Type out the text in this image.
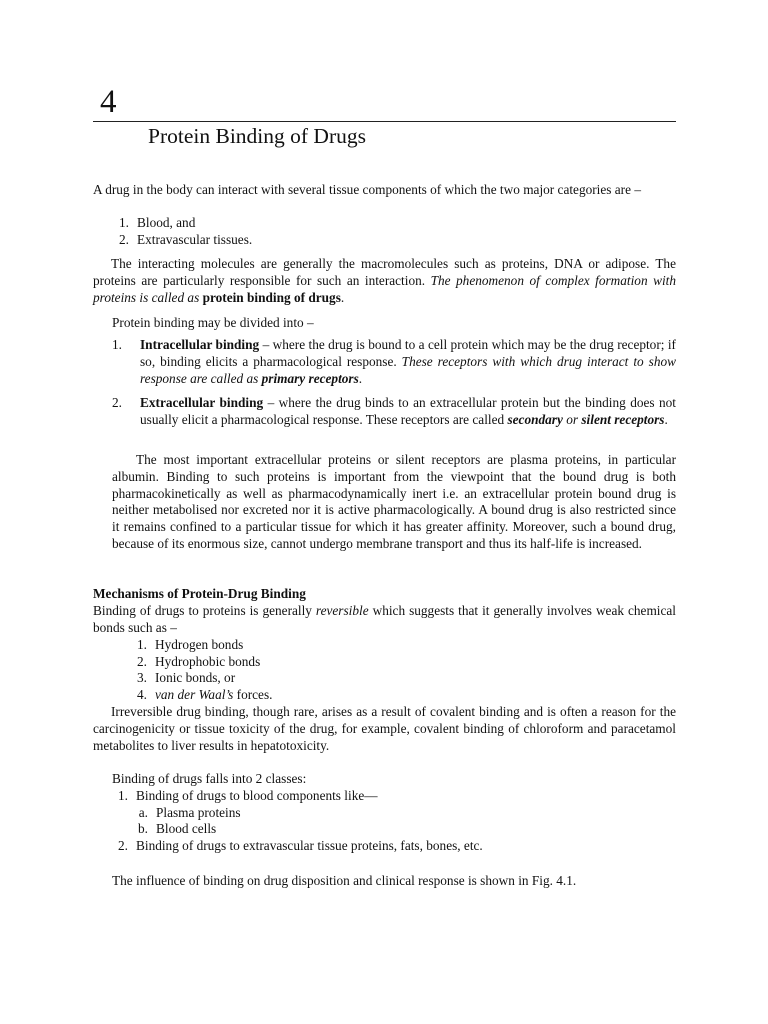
4
Protein Binding of Drugs

A drug in the body can interact with several tissue components of which the two major categories are –

1. Blood, and
2. Extravascular tissues.

The interacting molecules are generally the macromolecules such as proteins, DNA or adipose. The proteins are particularly responsible for such an interaction. The phenomenon of complex formation with proteins is called as protein binding of drugs.

Protein binding may be divided into –

1. Intracellular binding – where the drug is bound to a cell protein which may be the drug receptor; if so, binding elicits a pharmacological response. These receptors with which drug interact to show response are called as primary receptors.

2. Extracellular binding – where the drug binds to an extracellular protein but the binding does not usually elicit a pharmacological response. These receptors are called secondary or silent receptors.

The most important extracellular proteins or silent receptors are plasma proteins, in particular albumin. Binding to such proteins is important from the viewpoint that the bound drug is both pharmacokinetically as well as pharmacodynamically inert i.e. an extracellular protein bound drug is neither metabolised nor excreted nor it is active pharmacologically. A bound drug is also restricted since it remains confined to a particular tissue for which it has greater affinity. Moreover, such a bound drug, because of its enormous size, cannot undergo membrane transport and thus its half-life is increased.

Mechanisms of Protein-Drug Binding

Binding of drugs to proteins is generally reversible which suggests that it generally involves weak chemical bonds such as –

1. Hydrogen bonds
2. Hydrophobic bonds
3. Ionic bonds, or
4. van der Waal’s forces.

Irreversible drug binding, though rare, arises as a result of covalent binding and is often a reason for the carcinogenicity or tissue toxicity of the drug, for example, covalent binding of chloroform and paracetamol metabolites to liver results in hepatotoxicity.

Binding of drugs falls into 2 classes:

1. Binding of drugs to blood components like—
a. Plasma proteins
b. Blood cells
2. Binding of drugs to extravascular tissue proteins, fats, bones, etc.

The influence of binding on drug disposition and clinical response is shown in Fig. 4.1.
